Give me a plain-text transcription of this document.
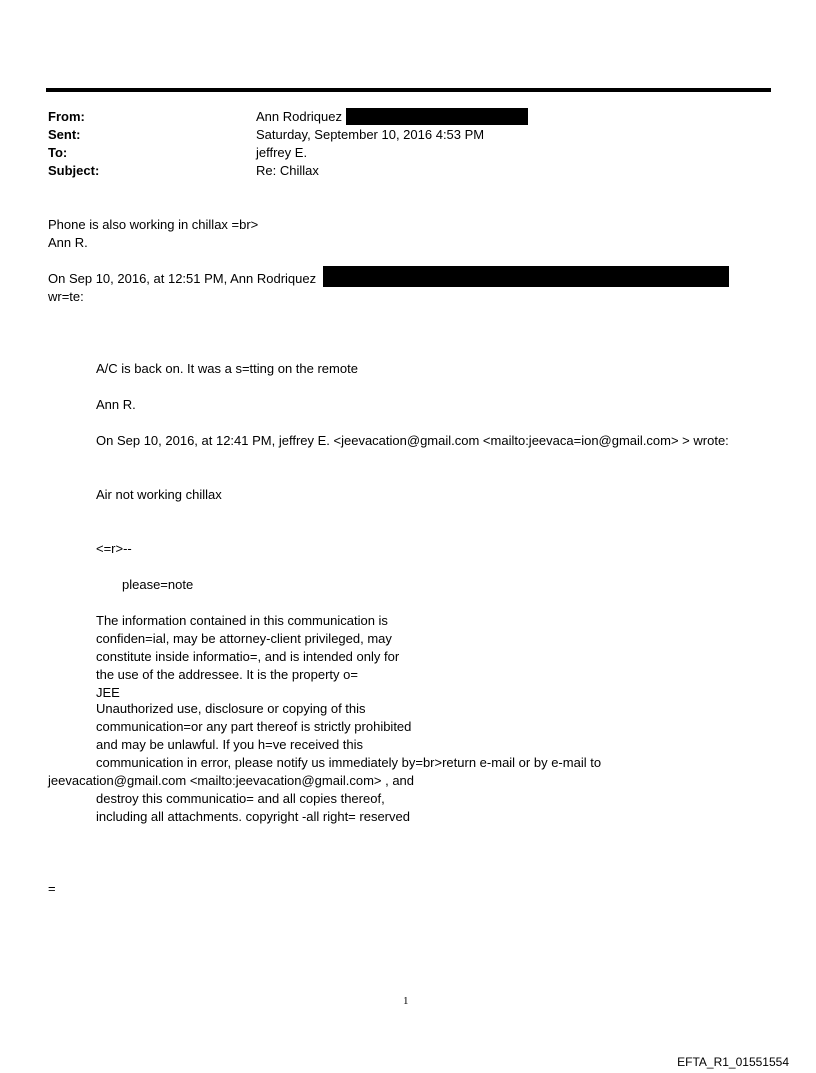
From:
Sent:
To:
Subject:
Ann Rodriquez
Saturday, September 10, 2016 4:53 PM
jeffrey E.
Re: Chillax
Phone is also working in chillax =br>
Ann R.
On Sep 10, 2016, at 12:51 PM, Ann Rodriquez
wr=te:
A/C is back on. It was a s=tting on the remote
Ann R.
On Sep 10, 2016, at 12:41 PM, jeffrey E. <jeevacation@gmail.com <mailto:jeevaca=ion@gmail.com> > wrote:
Air not working chillax
<=r>--
please=note
The information contained in this communication is
confiden=ial, may be attorney-client privileged, may
constitute inside informatio=, and is intended only for
the use of the addressee. It is the property o=
JEE
Unauthorized use, disclosure or copying of this
communication=or any part thereof is strictly prohibited
and may be unlawful. If you h=ve received this
communication in error, please notify us immediately by=br>return e-mail or by e-mail to
jeevacation@gmail.com <mailto:jeevacation@gmail.com> , and
destroy this communicatio= and all copies thereof,
including all attachments. copyright -all right= reserved
=
1
EFTA_R1_01551554
